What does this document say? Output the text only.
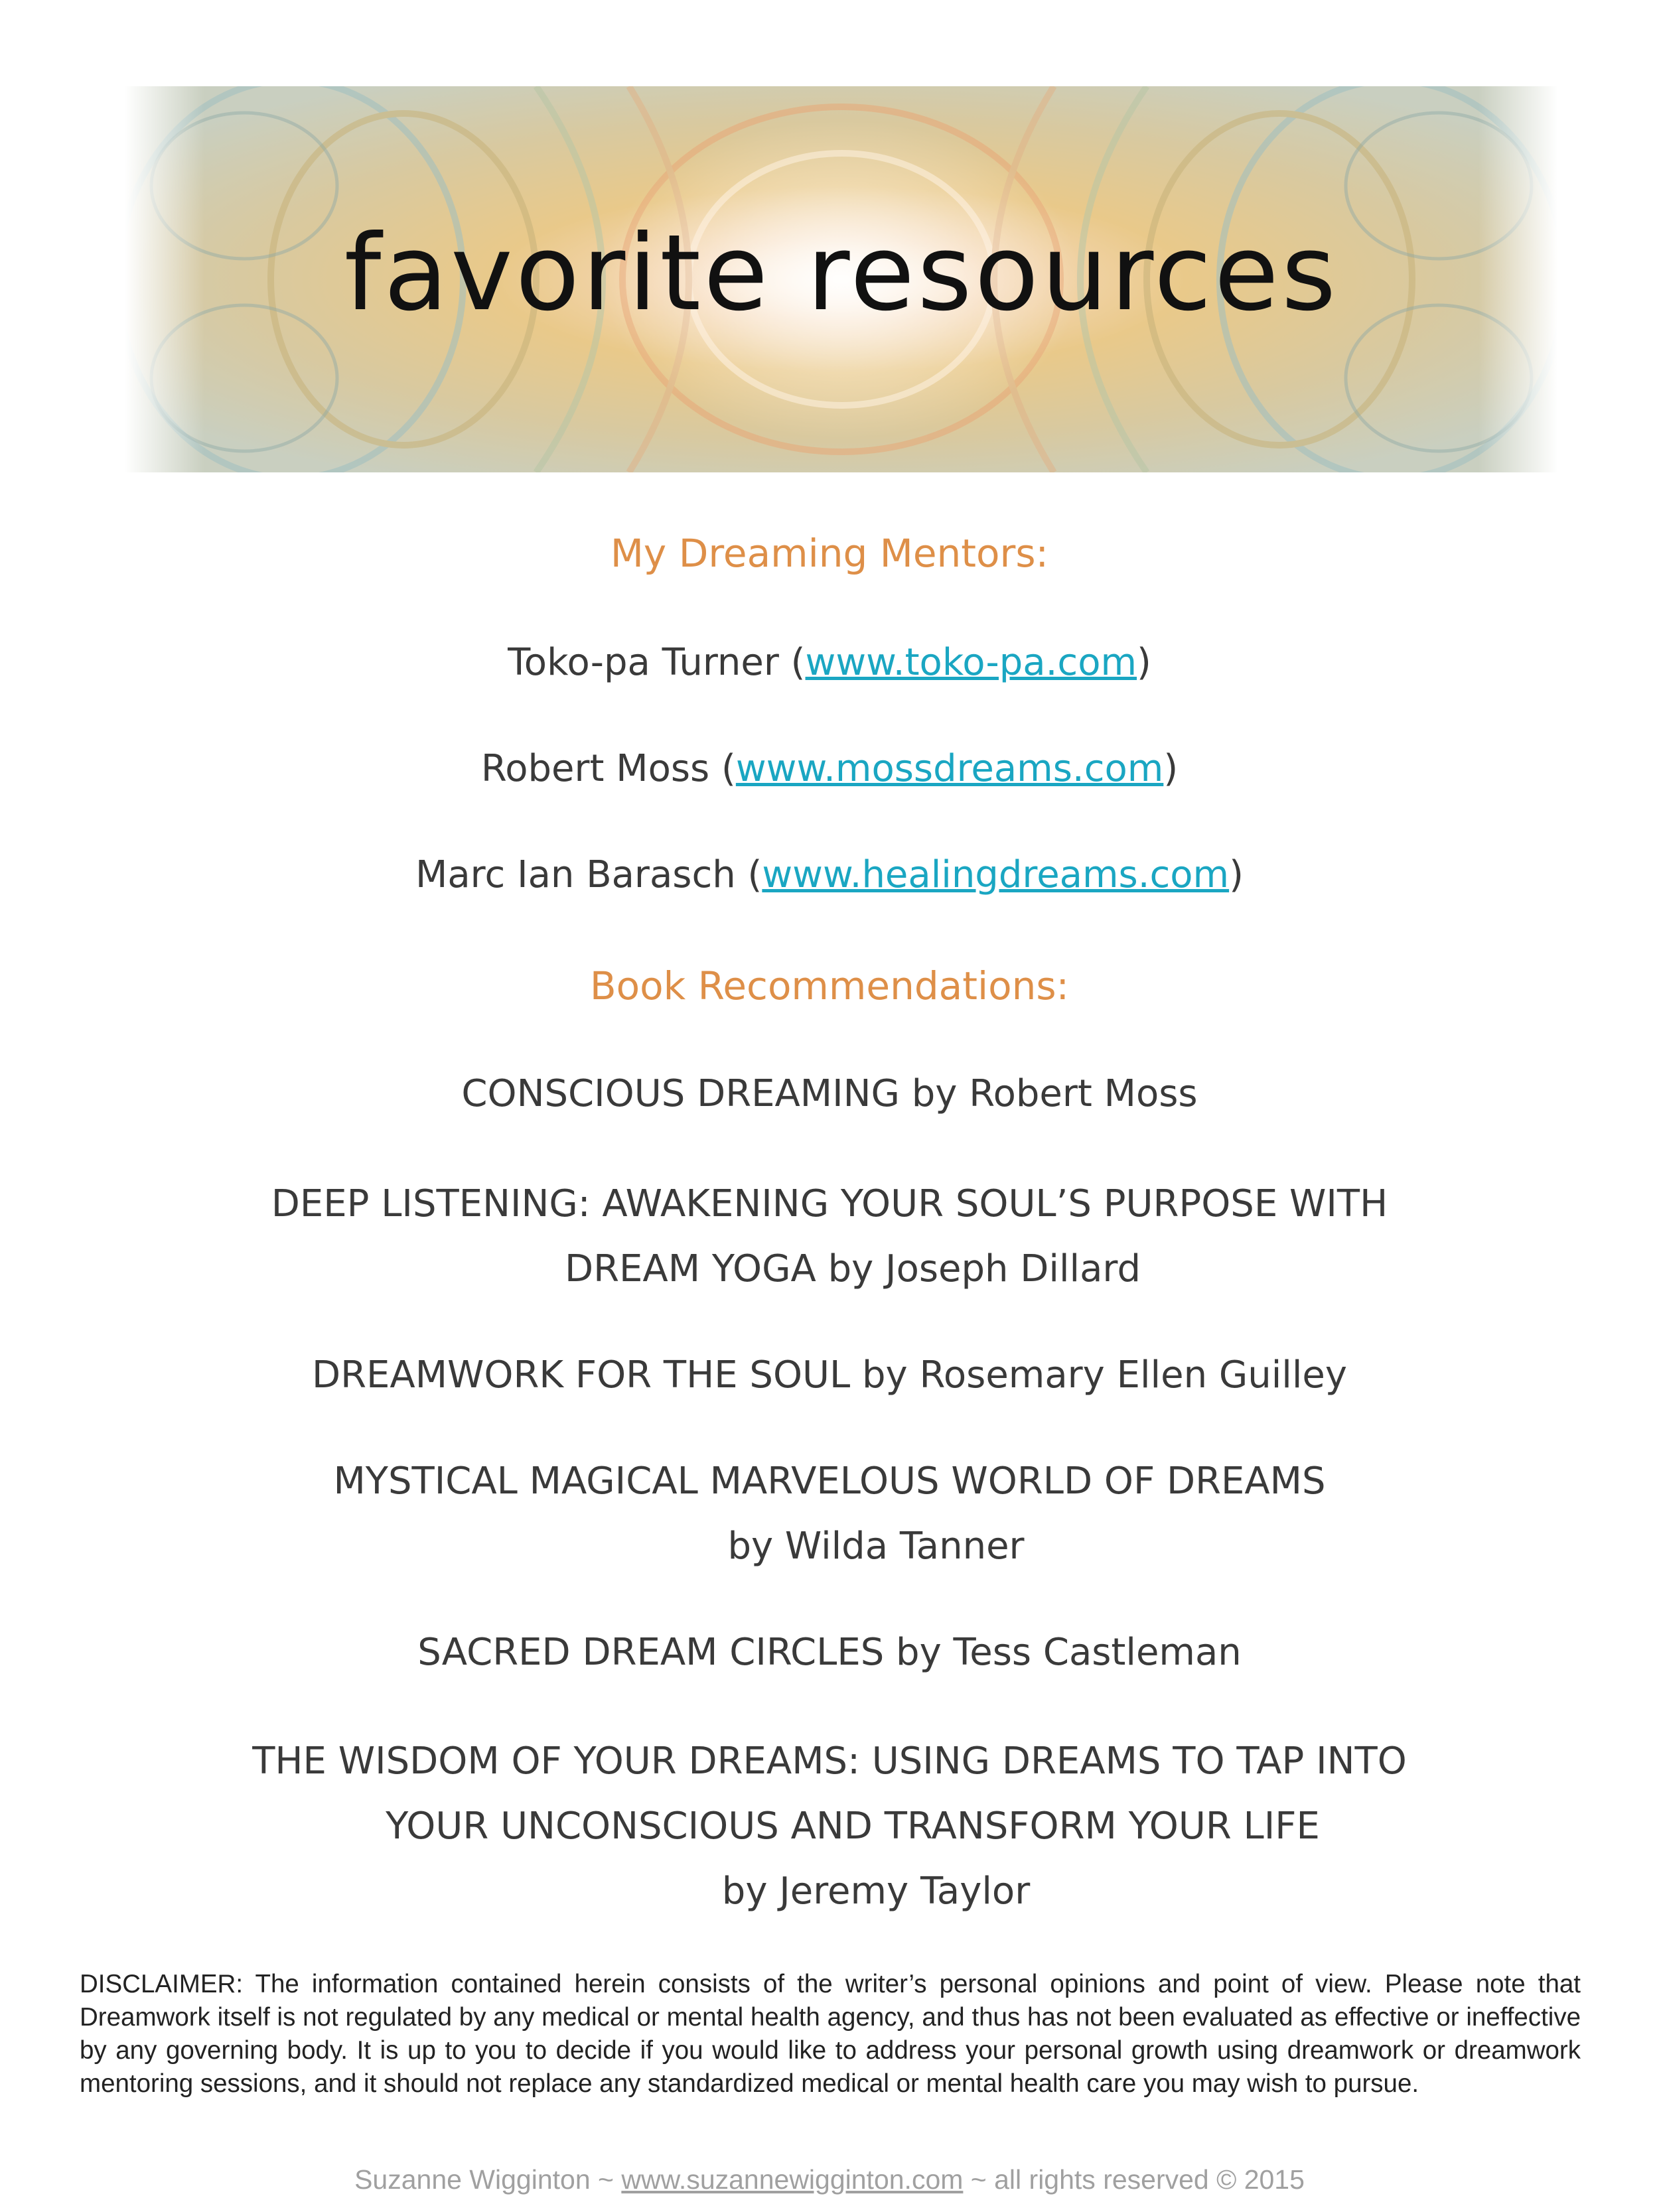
favorite resources
My Dreaming Mentors:
Toko-pa Turner (www.toko-pa.com)
Robert Moss (www.mossdreams.com)
Marc Ian Barasch (www.healingdreams.com)
Book Recommendations:
CONSCIOUS DREAMING by Robert Moss
DEEP LISTENING: AWAKENING YOUR SOUL’S PURPOSE WITH
DREAM YOGA by Joseph Dillard
DREAMWORK FOR THE SOUL by Rosemary Ellen Guilley
MYSTICAL MAGICAL MARVELOUS WORLD OF DREAMS
by Wilda Tanner
SACRED DREAM CIRCLES by Tess Castleman
THE WISDOM OF YOUR DREAMS: USING DREAMS TO TAP INTO
YOUR UNCONSCIOUS AND TRANSFORM YOUR LIFE
by Jeremy Taylor
DISCLAIMER: The information contained herein consists of the writer’s personal opinions and point of view. Please note that Dreamwork itself is not regulated by any medical or mental health agency, and thus has not been evaluated as effective or ineffective by any governing body. It is up to you to decide if you would like to address your personal growth using dreamwork or dreamwork mentoring sessions, and it should not replace any standardized medical or mental health care you may wish to pursue.
Suzanne Wigginton ~ www.suzannewigginton.com ~ all rights reserved © 2015
